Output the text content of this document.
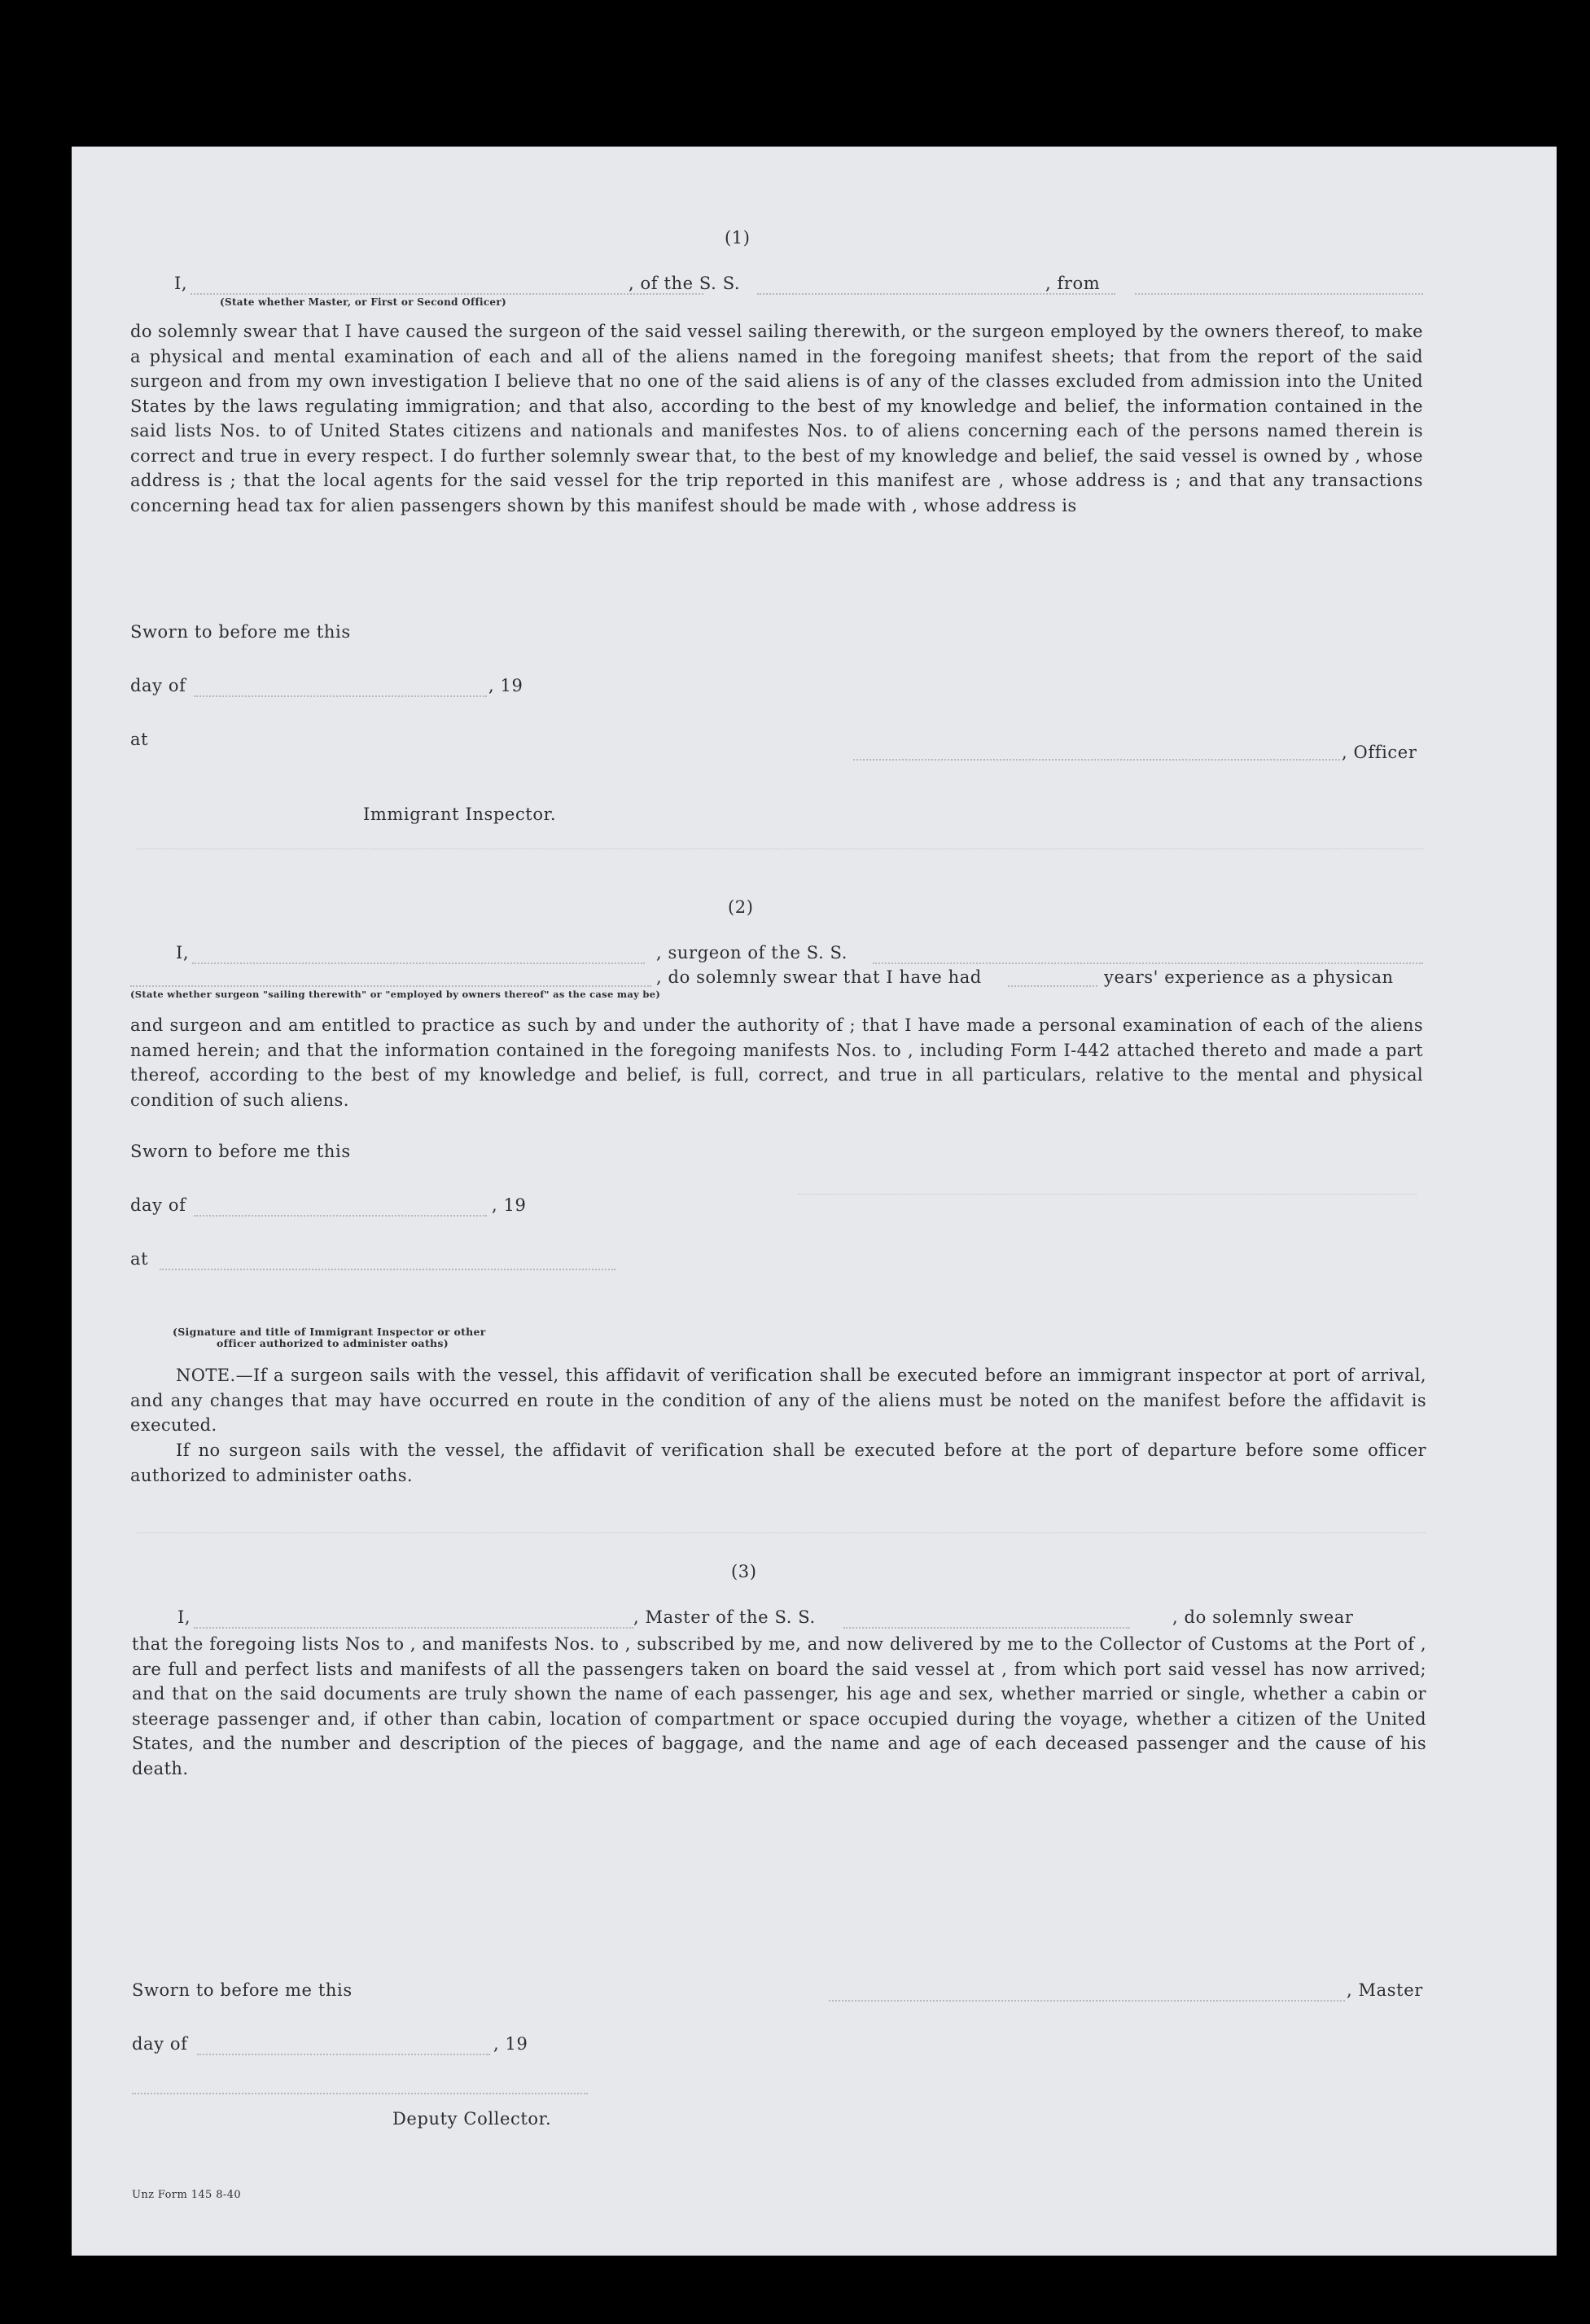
(1)
I,
(State whether Master, or First or Second Officer)
, of the S. S.	, from
do solemnly swear that I have caused the surgeon of the said vessel sailing therewith, or the surgeon employed by the owners thereof, to make a physical and mental examination of each and all of the aliens named in the foregoing manifest sheets; that from the report of the said surgeon and from my own investigation I believe that no one of the said aliens is of any of the classes excluded from admission into the United States by the laws regulating immigration; and that also, according to the best of my knowledge and belief, the information contained in the said lists Nos. to of United States citizens and nationals and manifestes Nos. to of aliens concerning each of the persons named therein is correct and true in every respect. I do further solemnly swear that, to the best of my knowledge and belief, the said vessel is owned by , whose address is ; that the local agents for the said vessel for the trip reported in this manifest are , whose address is ; and that any transactions concerning head tax for alien passengers shown by this manifest should be made with , whose address is
Sworn to before me this
day of	, 19
at
, Officer
Immigrant Inspector.
(2)
I,	, surgeon of the S. S.
, do solemnly swear that I have had	years' experience as a physican
(State whether surgeon "sailing therewith" or "employed by owners thereof" as the case may be)
and surgeon and am entitled to practice as such by and under the authority of ; that I have made a personal examination of each of the aliens named herein; and that the information contained in the foregoing manifests Nos. to , including Form I-442 attached thereto and made a part thereof, according to the best of my knowledge and belief, is full, correct, and true in all particulars, relative to the mental and physical condition of such aliens.
Sworn to before me this
day of	, 19
at
(Signature and title of Immigrant Inspector or other
officer authorized to administer oaths)
NOTE.—If a surgeon sails with the vessel, this affidavit of verification shall be executed before an immigrant inspector at port of arrival, and any changes that may have occurred en route in the condition of any of the aliens must be noted on the manifest before the affidavit is executed.
If no surgeon sails with the vessel, the affidavit of verification shall be executed before at the port of departure before some officer authorized to administer oaths.
(3)
I,	, Master of the S. S.	, do solemnly swear
that the foregoing lists Nos to , and manifests Nos. to , subscribed by me, and now delivered by me to the Collector of Customs at the Port of , are full and perfect lists and manifests of all the passengers taken on board the said vessel at , from which port said vessel has now arrived; and that on the said documents are truly shown the name of each passenger, his age and sex, whether married or single, whether a cabin or steerage passenger and, if other than cabin, location of compartment or space occupied during the voyage, whether a citizen of the United States, and the number and description of the pieces of baggage, and the name and age of each deceased passenger and the cause of his death.
Sworn to before me this	, Master
day of	, 19
Deputy Collector.
Unz Form 145 8-40
